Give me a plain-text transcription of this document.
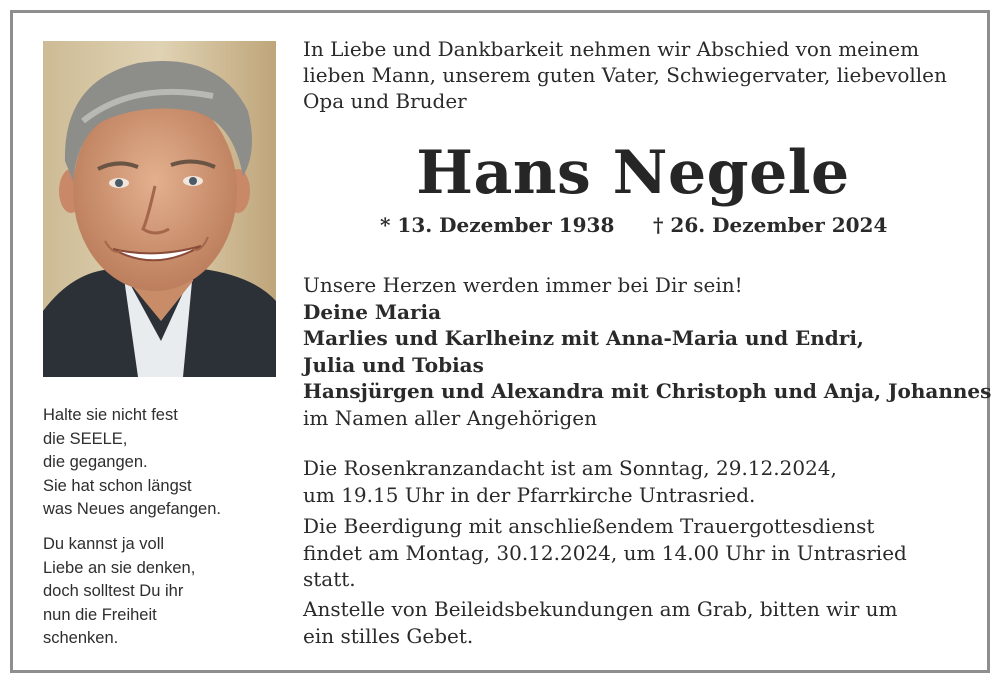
Halte sie nicht fest
die SEELE,
die gegangen.
Sie hat schon längst
was Neues angefangen.
Du kannst ja voll
Liebe an sie denken,
doch solltest Du ihr
nun die Freiheit
schenken.
In Liebe und Dankbarkeit nehmen wir Abschied von meinem
lieben Mann, unserem guten Vater, Schwiegervater, liebevollen
Opa und Bruder
Hans Negele
* 13. Dezember 1938 † 26. Dezember 2024
Unsere Herzen werden immer bei Dir sein!
Deine Maria
Marlies und Karlheinz mit Anna-Maria und Endri,
Julia und Tobias
Hansjürgen und Alexandra mit Christoph und Anja, Johannes
im Namen aller Angehörigen
Die Rosenkranzandacht ist am Sonntag, 29.12.2024,
um 19.15 Uhr in der Pfarrkirche Untrasried.
Die Beerdigung mit anschließendem Trauergottesdienst
findet am Montag, 30.12.2024, um 14.00 Uhr in Untrasried
statt.
Anstelle von Beileidsbekundungen am Grab, bitten wir um
ein stilles Gebet.
